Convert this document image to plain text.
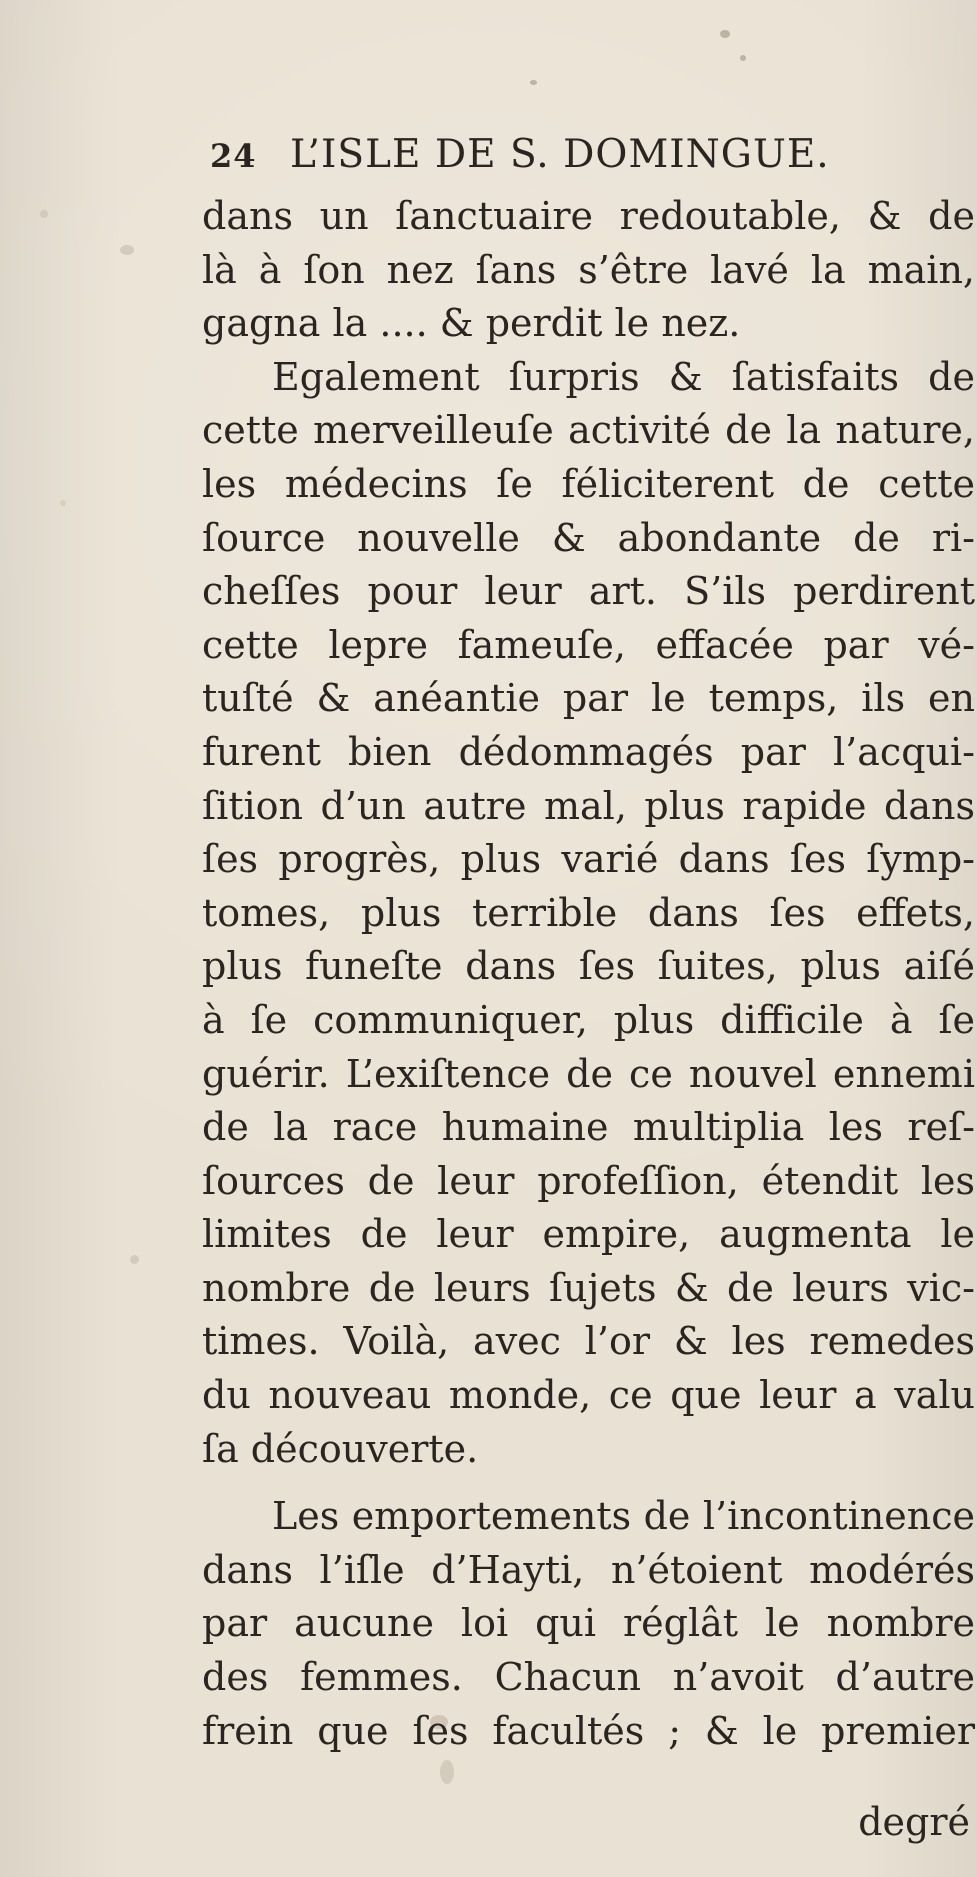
24 L’ISLE DE S. DOMINGUE.
dans un ſanctuaire redoutable, & de
là à ſon nez ſans s’être lavé la main,
gagna la .... & perdit le nez.
Egalement ſurpris & ſatisfaits de
cette merveilleuſe activité de la nature,
les médecins ſe féliciterent de cette
ſource nouvelle & abondante de ri-
cheſſes pour leur art. S’ils perdirent
cette lepre fameuſe, effacée par vé-
tuſté & anéantie par le temps, ils en
furent bien dédommagés par l’acqui-
ſition d’un autre mal, plus rapide dans
ſes progrès, plus varié dans ſes ſymp-
tomes, plus terrible dans ſes effets,
plus funeſte dans ſes ſuites, plus aiſé
à ſe communiquer, plus difficile à ſe
guérir. L’exiſtence de ce nouvel ennemi
de la race humaine multiplia les reſ-
ſources de leur profeſſion, étendit les
limites de leur empire, augmenta le
nombre de leurs ſujets & de leurs vic-
times. Voilà, avec l’or & les remedes
du nouveau monde, ce que leur a valu
ſa découverte.
Les emportements de l’incontinence
dans l’iſle d’Hayti, n’étoient modérés
par aucune loi qui réglât le nombre
des femmes. Chacun n’avoit d’autre
frein que ſes facultés ; & le premier
degré
